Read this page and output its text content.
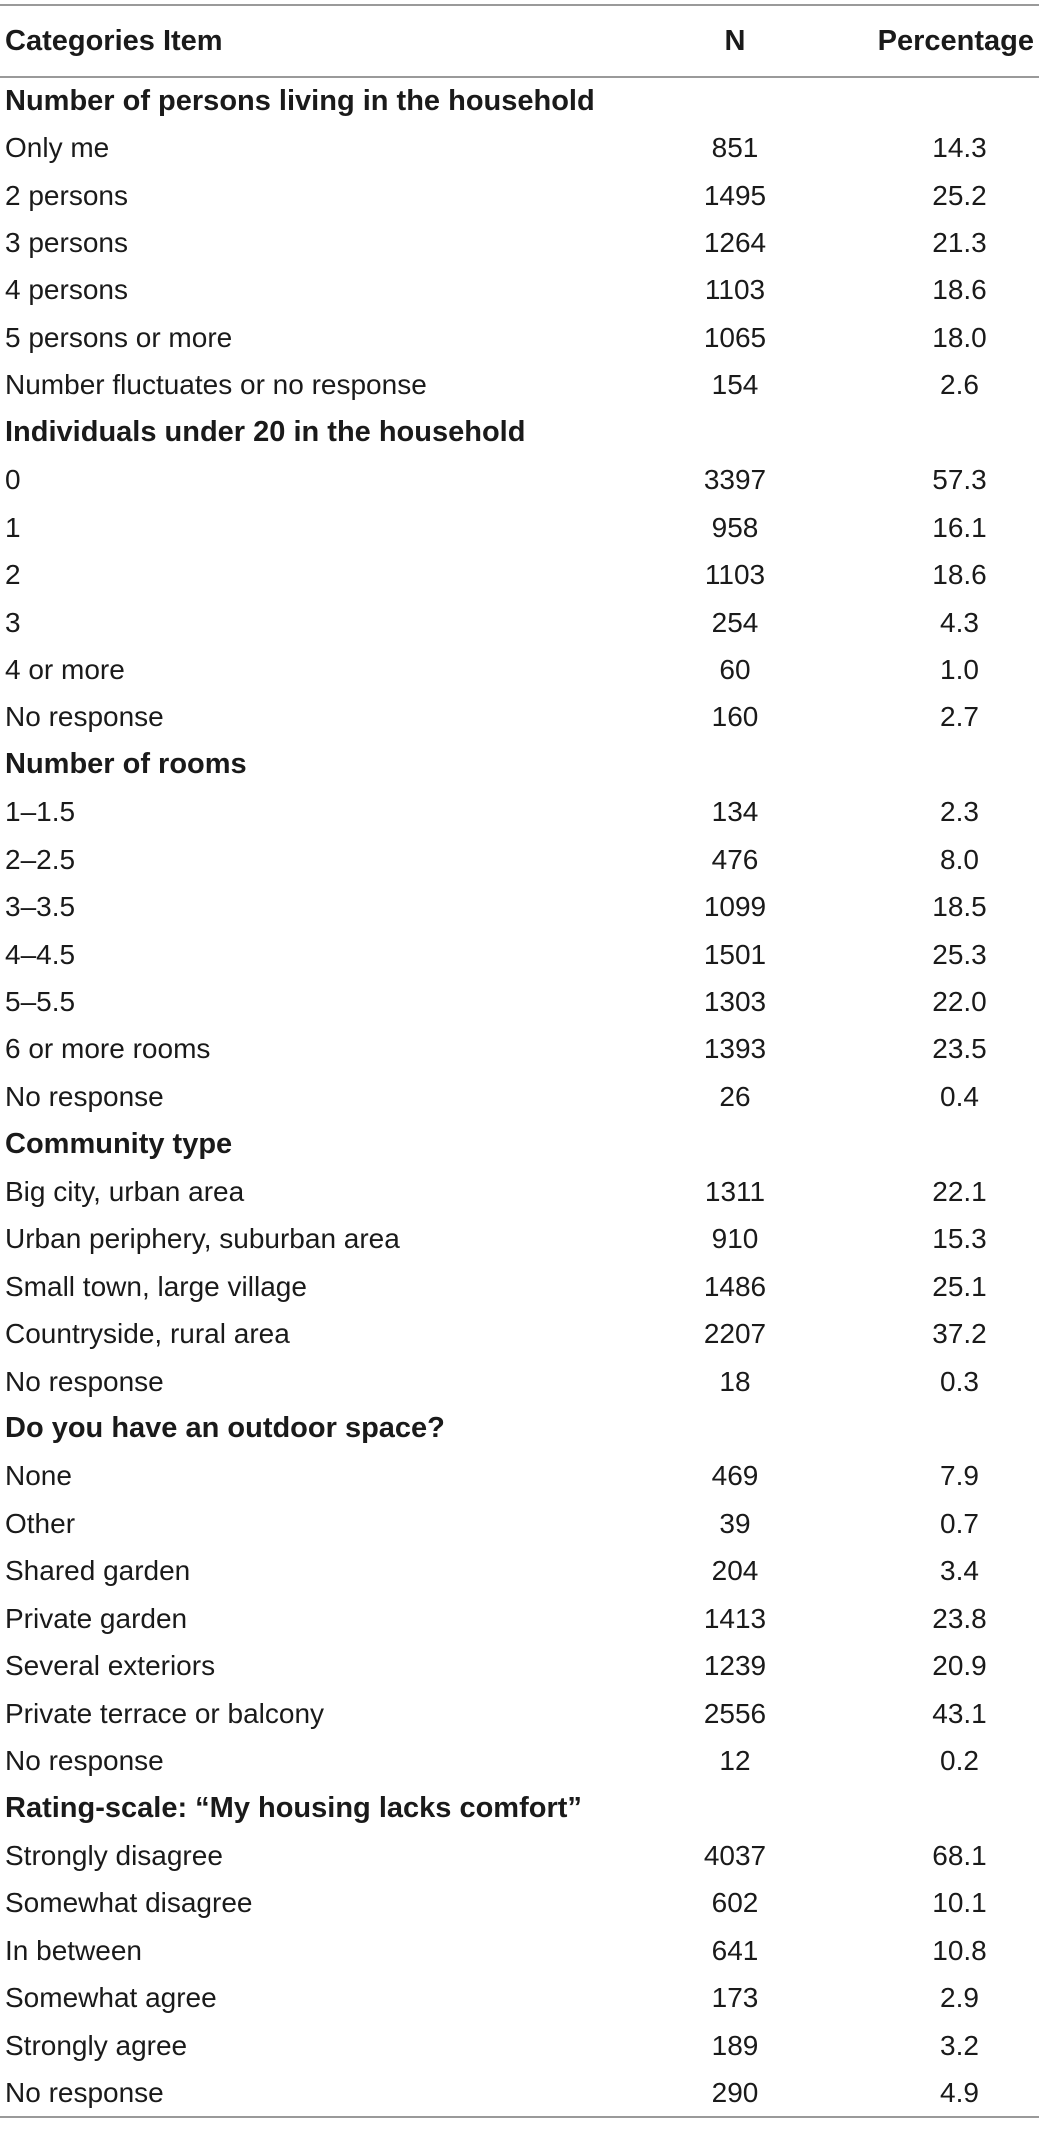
Categories Item	N	Percentage
Number of persons living in the household		
Only me	851	14.3
2 persons	1495	25.2
3 persons	1264	21.3
4 persons	1103	18.6
5 persons or more	1065	18.0
Number fluctuates or no response	154	2.6
Individuals under 20 in the household		
0	3397	57.3
1	958	16.1
2	1103	18.6
3	254	4.3
4 or more	60	1.0
No response	160	2.7
Number of rooms		
1–1.5	134	2.3
2–2.5	476	8.0
3–3.5	1099	18.5
4–4.5	1501	25.3
5–5.5	1303	22.0
6 or more rooms	1393	23.5
No response	26	0.4
Community type		
Big city, urban area	1311	22.1
Urban periphery, suburban area	910	15.3
Small town, large village	1486	25.1
Countryside, rural area	2207	37.2
No response	18	0.3
Do you have an outdoor space?		
None	469	7.9
Other	39	0.7
Shared garden	204	3.4
Private garden	1413	23.8
Several exteriors	1239	20.9
Private terrace or balcony	2556	43.1
No response	12	0.2
Rating-scale: “My housing lacks comfort”		
Strongly disagree	4037	68.1
Somewhat disagree	602	10.1
In between	641	10.8
Somewhat agree	173	2.9
Strongly agree	189	3.2
No response	290	4.9
